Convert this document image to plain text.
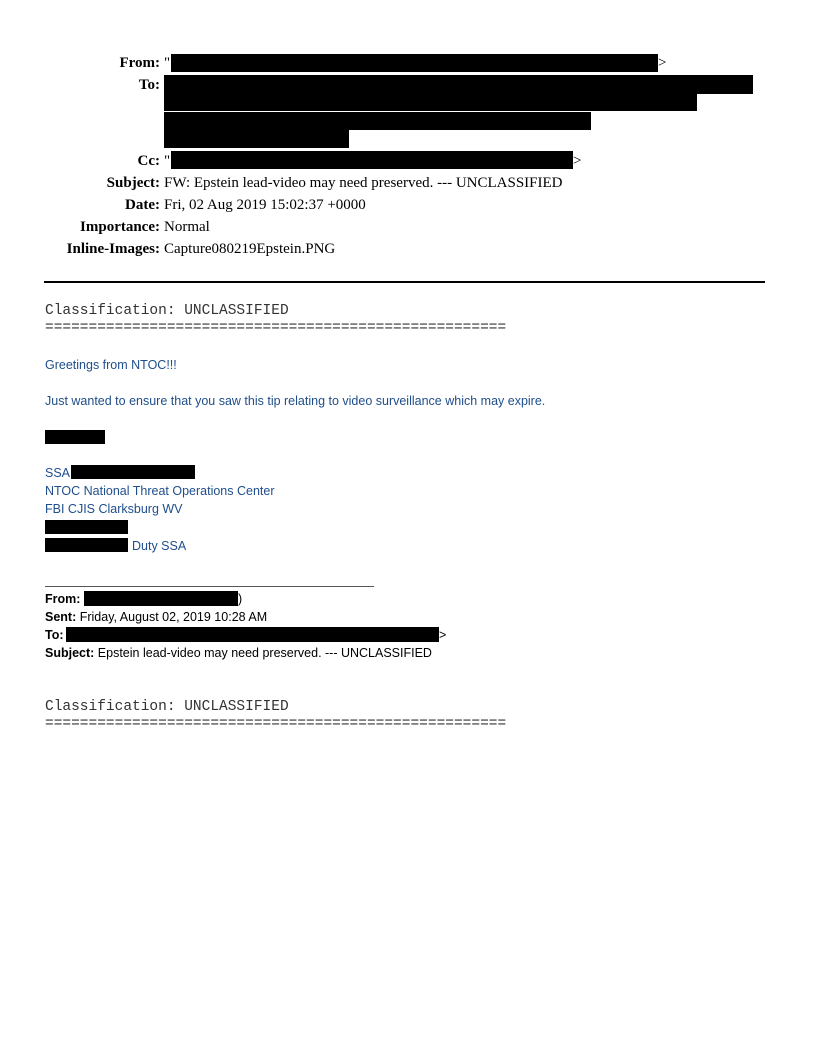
From: "	>
To:
Cc: "	>
Subject: FW: Epstein lead-video may need preserved. --- UNCLASSIFIED
Date: Fri, 02 Aug 2019 15:02:37 +0000
Importance: Normal
Inline-Images: Capture080219Epstein.PNG
Classification: UNCLASSIFIED
=====================================================
Greetings from NTOC!!!
Just wanted to ensure that you saw this tip relating to video surveillance which may expire.
SSA
NTOC National Threat Operations Center
FBI CJIS Clarksburg WV
Duty SSA
From:	)
Sent: Friday, August 02, 2019 10:28 AM
To:	>
Subject: Epstein lead-video may need preserved. --- UNCLASSIFIED
Classification: UNCLASSIFIED
=====================================================
